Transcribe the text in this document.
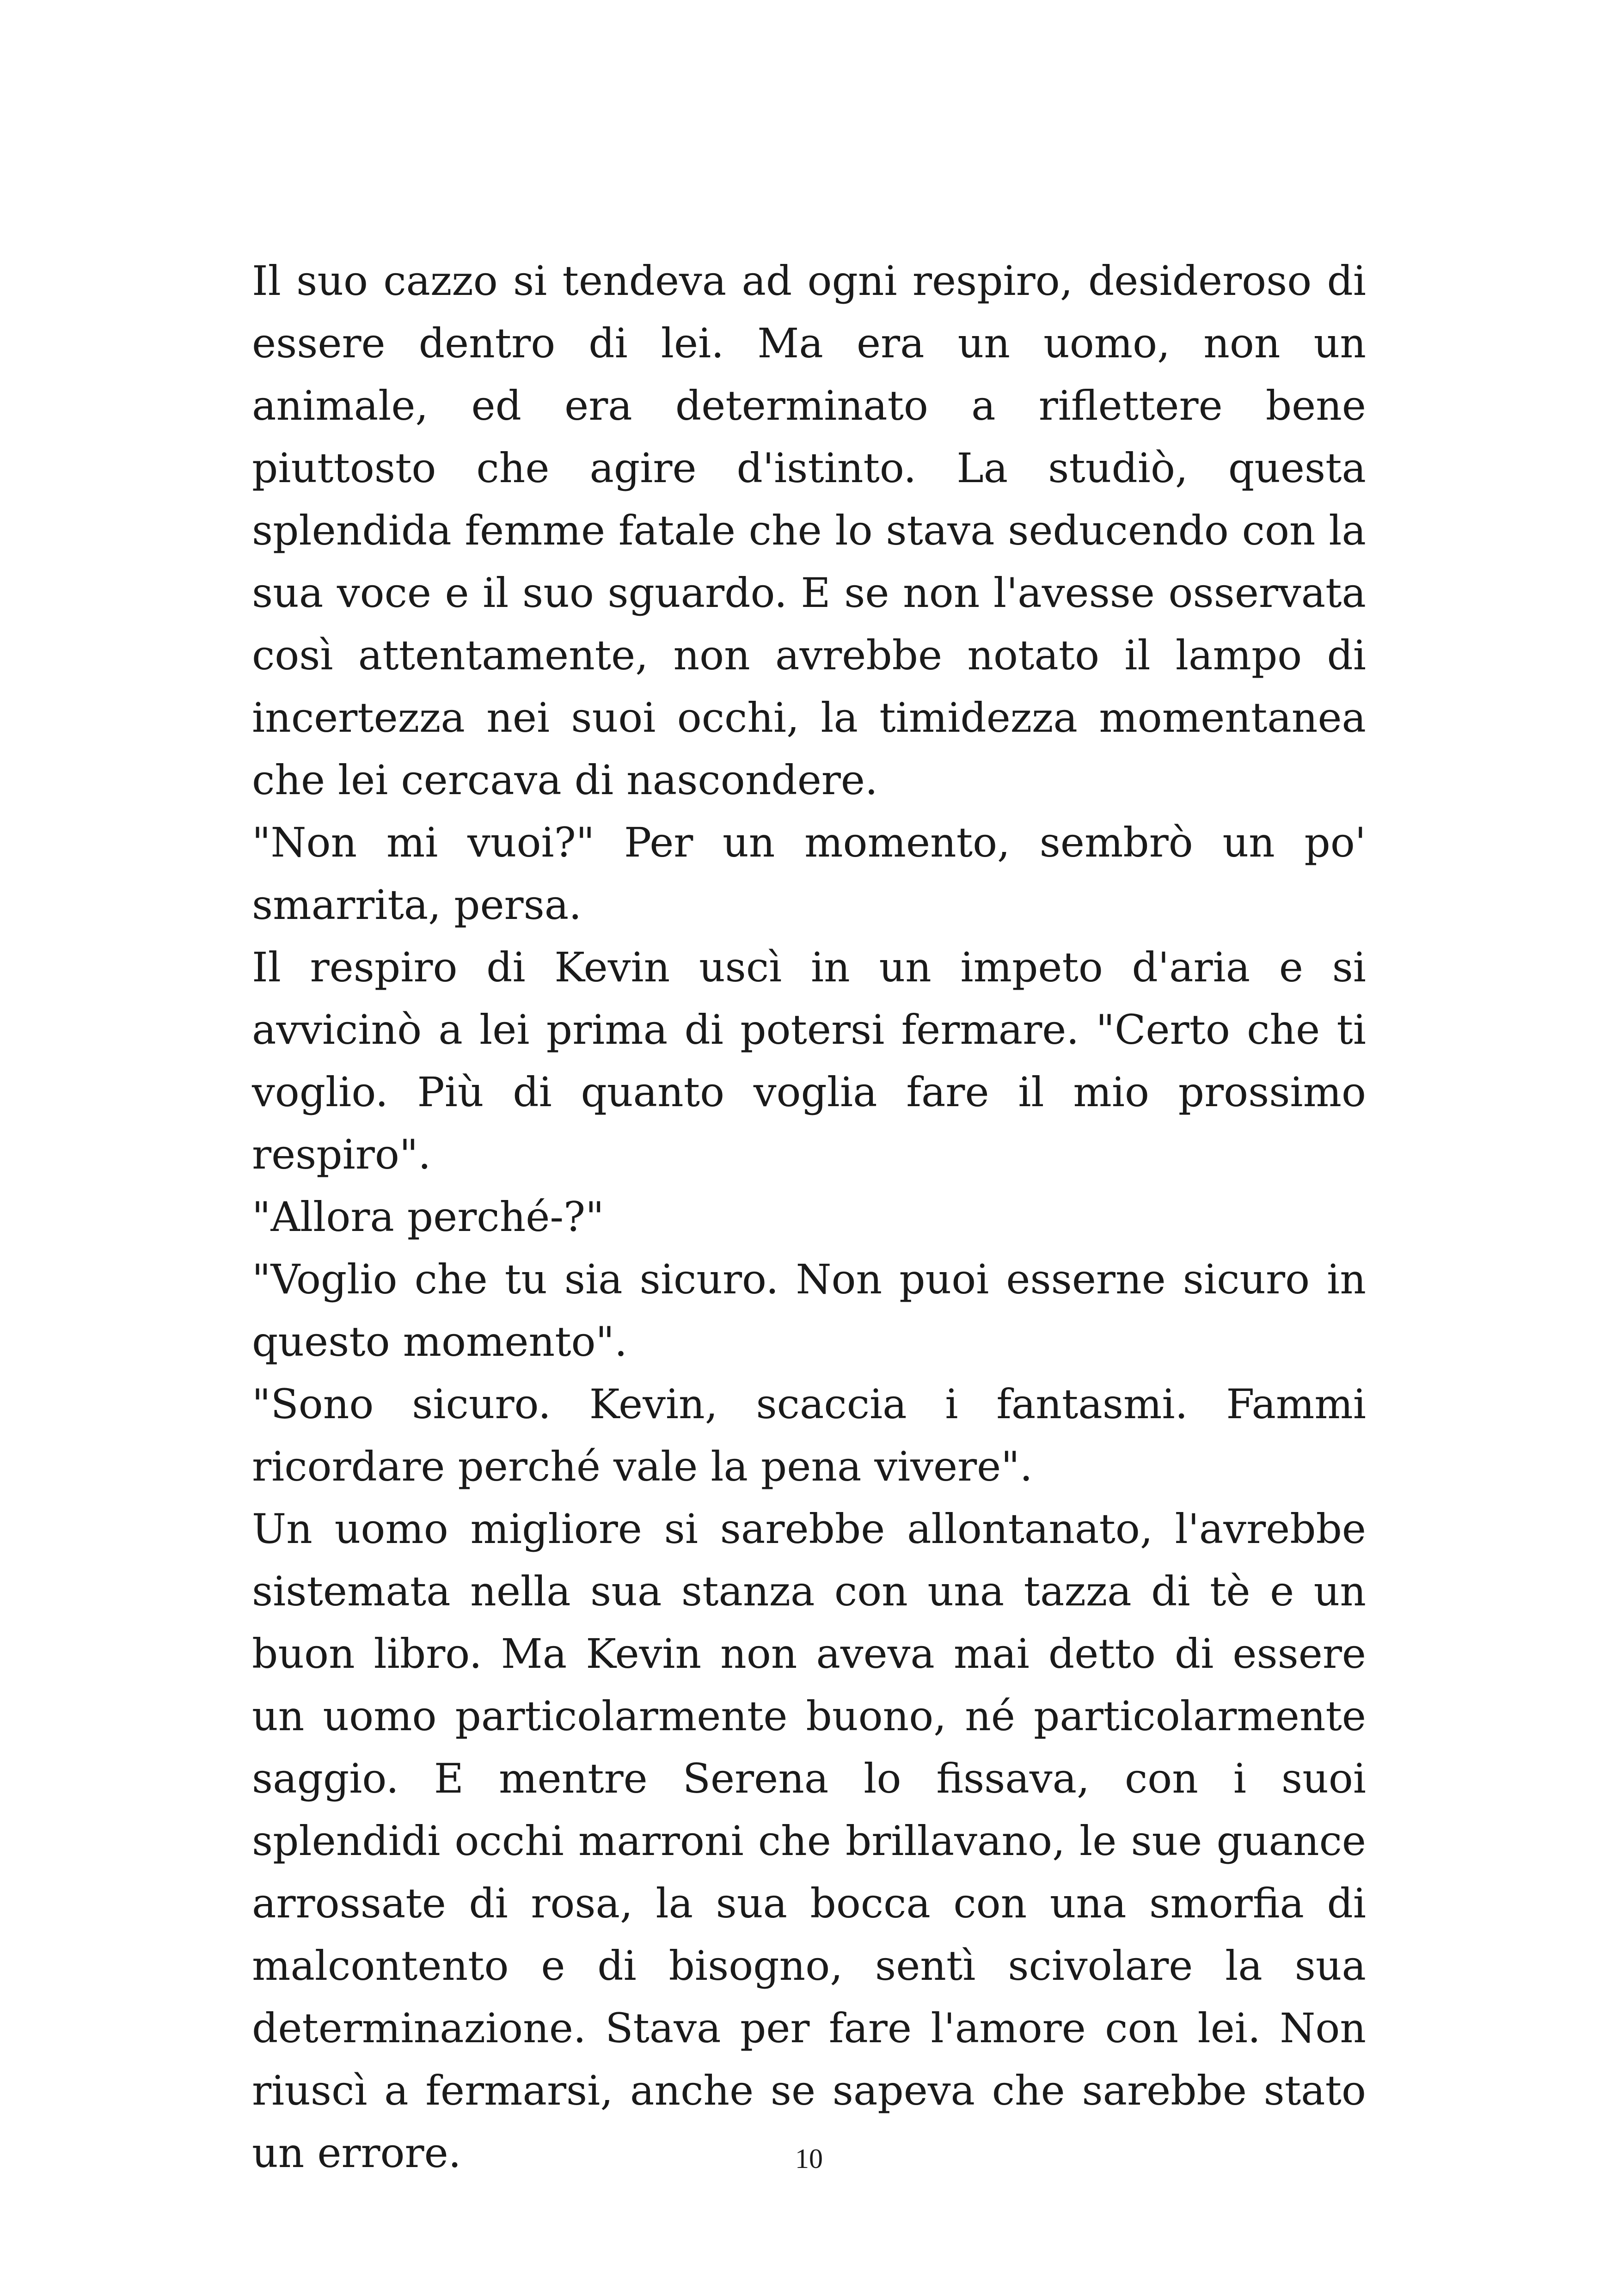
Il suo cazzo si tendeva ad ogni respiro, desideroso di essere dentro di lei. Ma era un uomo, non un animale, ed era determinato a riflettere bene piuttosto che agire d'istinto. La studiò, questa splendida femme fatale che lo stava seducendo con la sua voce e il suo sguardo. E se non l'avesse osservata così attentamente, non avrebbe notato il lampo di incertezza nei suoi occhi, la timidezza momentanea che lei cercava di nascondere.

"Non mi vuoi?" Per un momento, sembrò un po' smarrita, persa.

Il respiro di Kevin uscì in un impeto d'aria e si avvicinò a lei prima di potersi fermare. "Certo che ti voglio. Più di quanto voglia fare il mio prossimo respiro".

"Allora perché-?"

"Voglio che tu sia sicuro. Non puoi esserne sicuro in questo momento".

"Sono sicuro. Kevin, scaccia i fantasmi. Fammi ricordare perché vale la pena vivere".

Un uomo migliore si sarebbe allontanato, l'avrebbe sistemata nella sua stanza con una tazza di tè e un buon libro. Ma Kevin non aveva mai detto di essere un uomo particolarmente buono, né particolarmente saggio. E mentre Serena lo fissava, con i suoi splendidi occhi marroni che brillavano, le sue guance arrossate di rosa, la sua bocca con una smorfia di malcontento e di bisogno, sentì scivolare la sua determinazione. Stava per fare l'amore con lei. Non riuscì a fermarsi, anche se sapeva che sarebbe stato un errore.	10
